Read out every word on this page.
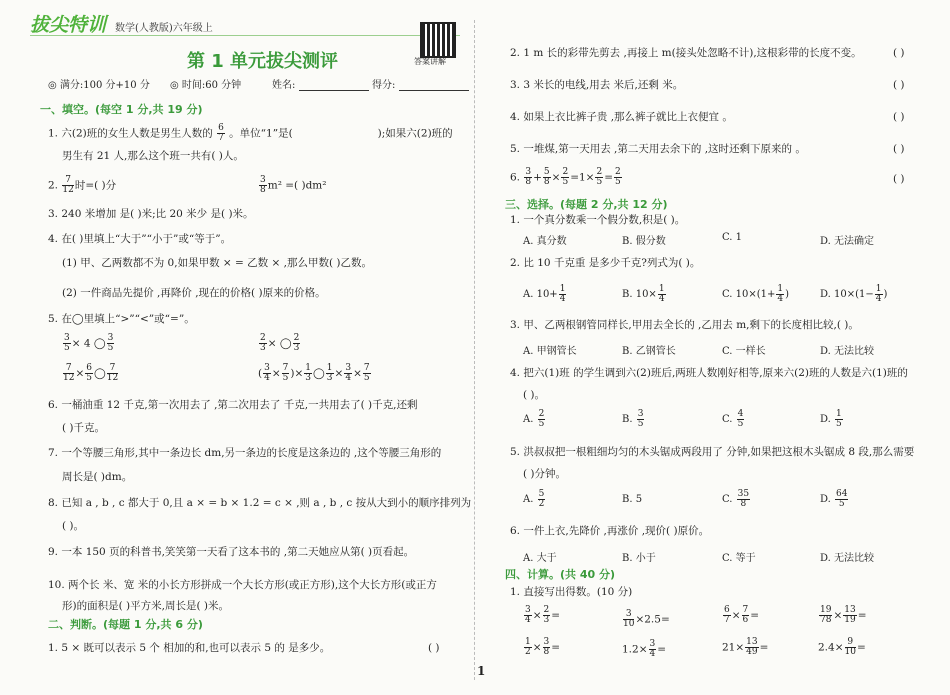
拔尖特训 数学(人教版)六年级上
第 1 单元拔尖测评	答案讲解
◎ 满分:100 分+10 分 ◎ 时间:60 分钟	姓名:	得分:
一、填空。(每空 1 分,共 19 分)
1. 六(2)班的女生人数是男生人数的 $\frac{6}{7}$ 。单位“1”是(	);如果六(2)班的
男生有 21 人,那么这个班一共有( )人。
2. $\frac{7}{12}$ 时=( )分	$\frac{3}{8} m^2$ =( )dm²
3. 240 米增加 是( )米;比 20 米少 是( )米。
4. 在( )里填上“大于”“小于”或“等于”。
(1) 甲、乙两数都不为 0,如果甲数 × = 乙数 × ,那么甲数( )乙数。
(2) 一件商品先提价 ,再降价 ,现在的价格( )原来的价格。
5. 在◯里填上“>”“<”或“=”。
$\frac{3}{5} \times 4$ ◯ $\frac{3}{5}$	$\frac{2}{3}$ × ◯ $\frac{2}{3}$
$\frac{7}{12} \times \frac{6}{5}$ ◯ $\frac{7}{12}$	( $\frac{3}{4} \times \frac{7}{5}$ )× $\frac{1}{3}$ ◯ $\frac{1}{3} \times \frac{3}{4} \times \frac{7}{5}$
6. 一桶油重 12 千克,第一次用去了 ,第二次用去了 千克,一共用去了( )千克,还剩
( )千克。
7. 一个等腰三角形,其中一条边长 dm,另一条边的长度是这条边的 ,这个等腰三角形的
周长是( )dm。
8. 已知 a , b , c 都大于 0,且 a × = b × 1.2 = c × ,则 a , b , c 按从大到小的顺序排列为
( )。
9. 一本 150 页的科普书,笑笑第一天看了这本书的 ,第二天她应从第( )页看起。
10. 两个长 米、宽 米的小长方形拼成一个大长方形(或正方形),这个大长方形(或正方
形)的面积是( )平方米,周长是( )米。
二、判断。(每题 1 分,共 6 分)
1. 5 × 既可以表示 5 个 相加的和,也可以表示 5 的 是多少。	( )
1
2. 1 m 长的彩带先剪去 ,再接上 m(接头处忽略不计),这根彩带的长度不变。	( )
3. 3 米长的电线,用去 米后,还剩 米。	( )
4. 如果上衣比裤子贵 ,那么裤子就比上衣便宜 。	( )
5. 一堆煤,第一天用去 ,第二天用去余下的 ,这时还剩下原来的 。	( )
6. $\frac{3}{8} + \frac{5}{8} \times \frac{2}{5} =1\times \frac{2}{5} = \frac{2}{5}$	( )
三、选择。(每题 2 分,共 12 分)
1. 一个真分数乘一个假分数,积是( )。
A. 真分数	B. 假分数	C. 1	D. 无法确定
2. 比 10 千克重 是多少千克?列式为( )。
A. $10+ \frac{1}{4}$	B. $10\times \frac{1}{4}$	C. $10\times(1+ \frac{1}{4}$ )	D. $10\times(1- \frac{1}{4}$ )
3. 甲、乙两根钢管同样长,甲用去全长的 ,乙用去 m,剩下的长度相比较,( )。
A. 甲钢管长	B. 乙钢管长	C. 一样长	D. 无法比较
4. 把六(1)班 的学生调到六(2)班后,两班人数刚好相等,原来六(2)班的人数是六(1)班的
( )。
A. $\frac{2}{5}$	B. $\frac{3}{5}$	C. $\frac{4}{5}$	D. $\frac{1}{5}$
5. 洪叔叔把一根粗细均匀的木头锯成两段用了 分钟,如果把这根木头锯成 8 段,那么需要
( )分钟。
A. $\frac{5}{2}$	B. 5	C. $\frac{35}{8}$	D. $\frac{64}{5}$
6. 一件上衣,先降价 ,再涨价 ,现价( )原价。
A. 大于	B. 小于	C. 等于	D. 无法比较
四、计算。(共 40 分)
1. 直接写出得数。(10 分)
$\frac{3}{4} \times \frac{2}{3}$ =	$\frac{3}{10} \times 2.5=$	$\frac{6}{7} \times \frac{7}{6}$ =	$\frac{19}{78} \times \frac{13}{19}$ =
$\frac{1}{2} \times \frac{3}{8}$ =	$1.2\times \frac{3}{4}$ =	$21\times \frac{13}{49}$ =	$2.4\times \frac{9}{10}$ =
